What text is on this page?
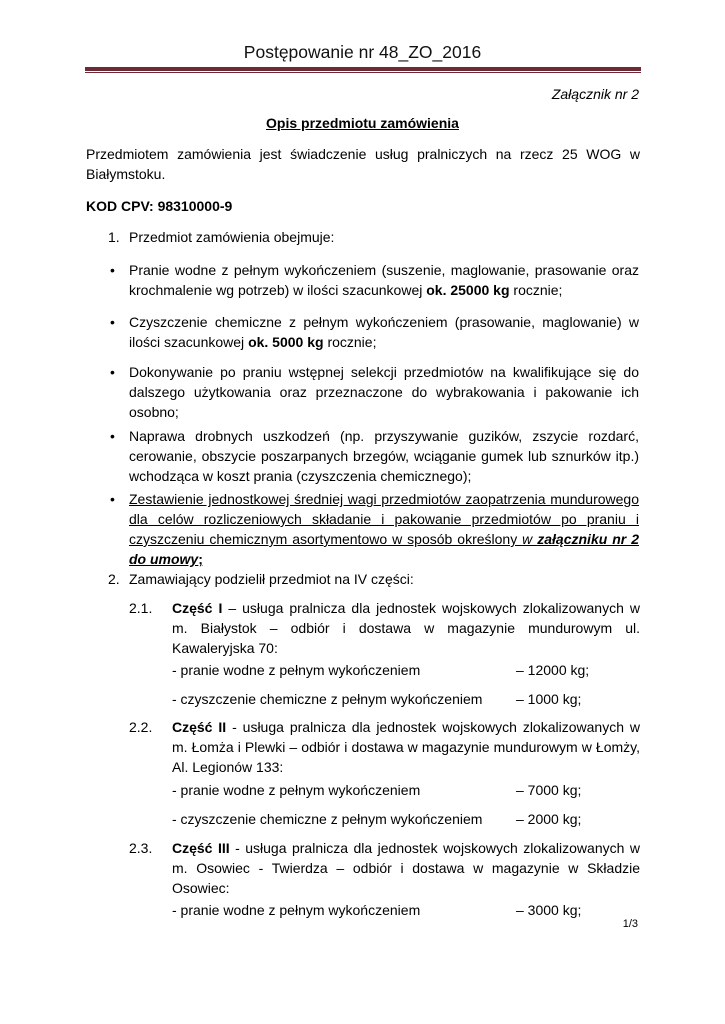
Postępowanie nr 48_ZO_2016
Załącznik nr 2
Opis przedmiotu zamówienia
Przedmiotem zamówienia jest świadczenie usług pralniczych na rzecz 25 WOG w Białymstoku.
KOD CPV: 98310000-9
1. Przedmiot zamówienia obejmuje:
• Pranie wodne z pełnym wykończeniem (suszenie, maglowanie, prasowanie oraz krochmalenie wg potrzeb) w ilości szacunkowej ok. 25000 kg rocznie;
• Czyszczenie chemiczne z pełnym wykończeniem (prasowanie, maglowanie) w ilości szacunkowej ok. 5000 kg rocznie;
• Dokonywanie po praniu wstępnej selekcji przedmiotów na kwalifikujące się do dalszego użytkowania oraz przeznaczone do wybrakowania i pakowanie ich osobno;
• Naprawa drobnych uszkodzeń (np. przyszywanie guzików, zszycie rozdarć, cerowanie, obszycie poszarpanych brzegów, wciąganie gumek lub sznurków itp.) wchodząca w koszt prania (czyszczenia chemicznego);
• Zestawienie jednostkowej średniej wagi przedmiotów zaopatrzenia mundurowego dla celów rozliczeniowych składanie i pakowanie przedmiotów po praniu i czyszczeniu chemicznym asortymentowo w sposób określony w załączniku nr 2 do umowy;
2. Zamawiający podzielił przedmiot na IV części:
2.1. Część I – usługa pralnicza dla jednostek wojskowych zlokalizowanych w m. Białystok – odbiór i dostawa w magazynie mundurowym ul. Kawaleryjska 70:
- pranie wodne z pełnym wykończeniem	– 12000 kg;
- czyszczenie chemiczne z pełnym wykończeniem – 1000 kg;
2.2. Część II - usługa pralnicza dla jednostek wojskowych zlokalizowanych w m. Łomża i Plewki – odbiór i dostawa w magazynie mundurowym w Łomży, Al. Legionów 133:
- pranie wodne z pełnym wykończeniem	– 7000 kg;
- czyszczenie chemiczne z pełnym wykończeniem – 2000 kg;
2.3. Część III - usługa pralnicza dla jednostek wojskowych zlokalizowanych w m. Osowiec - Twierdza – odbiór i dostawa w magazynie w Składzie Osowiec:
- pranie wodne z pełnym wykończeniem	– 3000 kg;
1/3
